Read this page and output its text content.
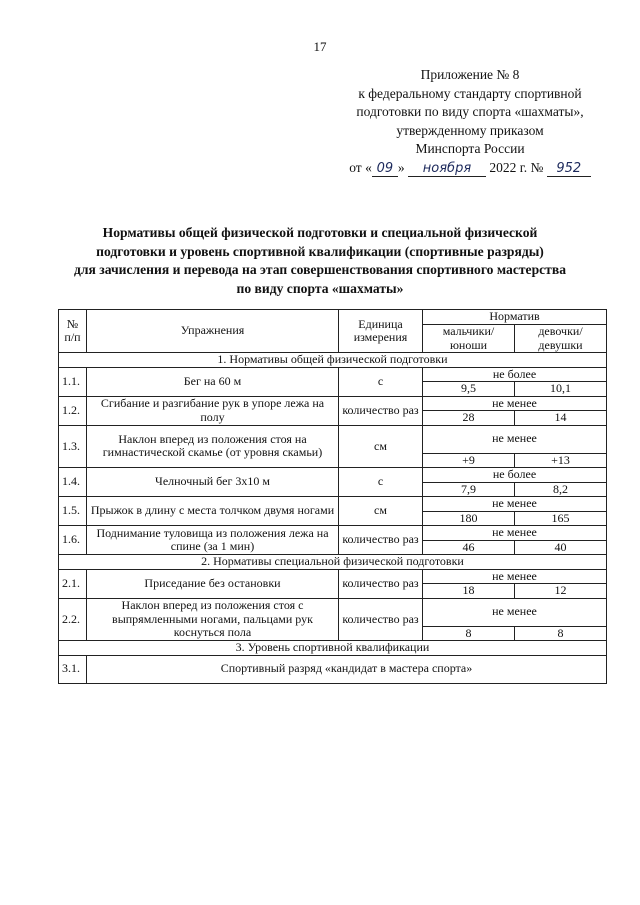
17
Приложение № 8
к федеральному стандарту спортивной
подготовки по виду спорта «шахматы»,
утвержденному приказом
Минспорта России
от « 09 » ноября 2022 г. № 952
Нормативы общей физической подготовки и специальной физической
подготовки и уровень спортивной квалификации (спортивные разряды)
для зачисления и перевода на этап совершенствования спортивного мастерства
по виду спорта «шахматы»
№ п/п	Упражнения	Единица измерения	Норматив	
			мальчики/ юноши	девочки/ девушки
1. Нормативы общей физической подготовки				
1.1.	Бег на 60 м	с	не более	
			9,5	10,1
1.2.	Сгибание и разгибание рук в упоре лежа на полу	количество раз	не менее	
			28	14
1.3.	Наклон вперед из положения стоя на гимнастической скамье (от уровня скамьи)	см	не менее	
			+9	+13
1.4.	Челночный бег 3х10 м	с	не более	
			7,9	8,2
1.5.	Прыжок в длину с места толчком двумя ногами	см	не менее	
			180	165
1.6.	Поднимание туловища из положения лежа на спине (за 1 мин)	количество раз	не менее	
			46	40
2. Нормативы специальной физической подготовки				
2.1.	Приседание без остановки	количество раз	не менее	
			18	12
2.2.	Наклон вперед из положения стоя с выпрямленными ногами, пальцами рук коснуться пола	количество раз	не менее	
			8	8
3. Уровень спортивной квалификации				
3.1.	Спортивный разряд «кандидат в мастера спорта»			
